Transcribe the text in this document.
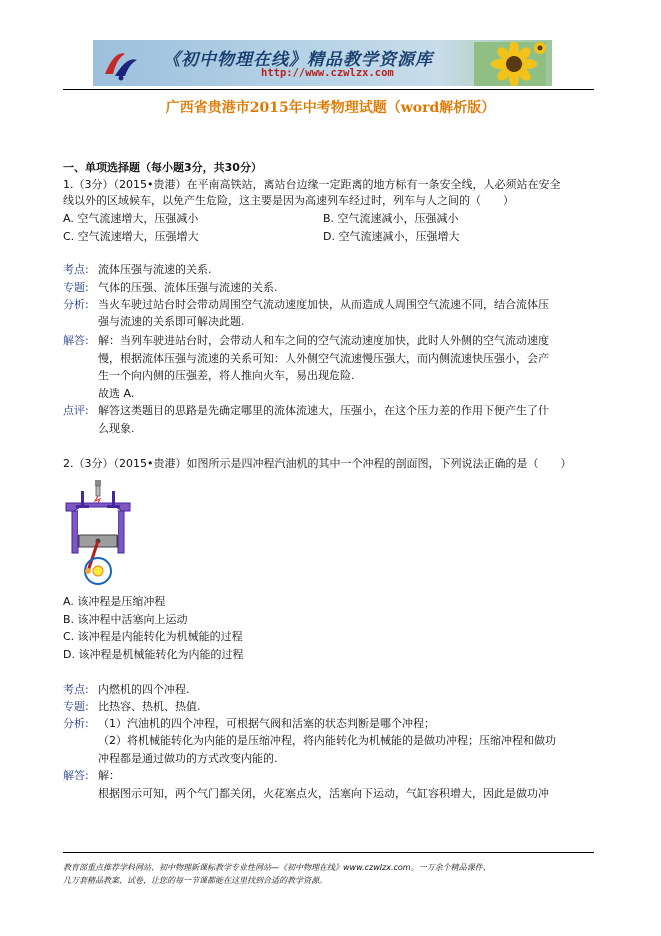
《初中物理在线》精品教学资源库
http://www.czwlzx.com
广西省贵港市2015年中考物理试题（word解析版）
一、单项选择题（每小题3分，共30分）
1.（3分）（2015•贵港）在平南高铁站，离站台边缘一定距离的地方标有一条安全线，人必须站在安全
线以外的区域候车，以免产生危险，这主要是因为高速列车经过时，列车与人之间的（　　）
A. 空气流速增大，压强减小	B. 空气流速减小，压强减小
C. 空气流速增大，压强增大	D. 空气流速减小，压强增大
考点: 流体压强与流速的关系.
专题: 气体的压强、流体压强与流速的关系.
分析: 当火车驶过站台时会带动周围空气流动速度加快，从而造成人周围空气流速不同，结合流体压
强与流速的关系即可解决此题.
解答: 解：当列车驶进站台时，会带动人和车之间的空气流动速度加快，此时人外侧的空气流动速度
慢，根据流体压强与流速的关系可知：人外侧空气流速慢压强大，而内侧流速快压强小，会产
生一个向内侧的压强差，将人推向火车，易出现危险.
故选 A.
点评: 解答这类题目的思路是先确定哪里的流体流速大，压强小，在这个压力差的作用下便产生了什
么现象.
2.（3分）（2015•贵港）如图所示是四冲程汽油机的其中一个冲程的剖面图，下列说法正确的是（　　）
A. 该冲程是压缩冲程
B. 该冲程中活塞向上运动
C. 该冲程是内能转化为机械能的过程
D. 该冲程是机械能转化为内能的过程
考点: 内燃机的四个冲程.
专题: 比热容、热机、热值.
分析: （1）汽油机的四个冲程，可根据气阀和活塞的状态判断是哪个冲程；
（2）将机械能转化为内能的是压缩冲程，将内能转化为机械能的是做功冲程；压缩冲程和做功
冲程都是通过做功的方式改变内能的.
解答: 解：
根据图示可知，两个气门都关闭，火花塞点火，活塞向下运动，气缸容积增大，因此是做功冲
教育部重点推荐学科网站、初中物理新课标教学专业性网站—《初中物理在线》www.czwlzx.com。一万余个精品课件、
几万套精品教案、试卷，让您的每一节课都能在这里找到合适的教学资源。
